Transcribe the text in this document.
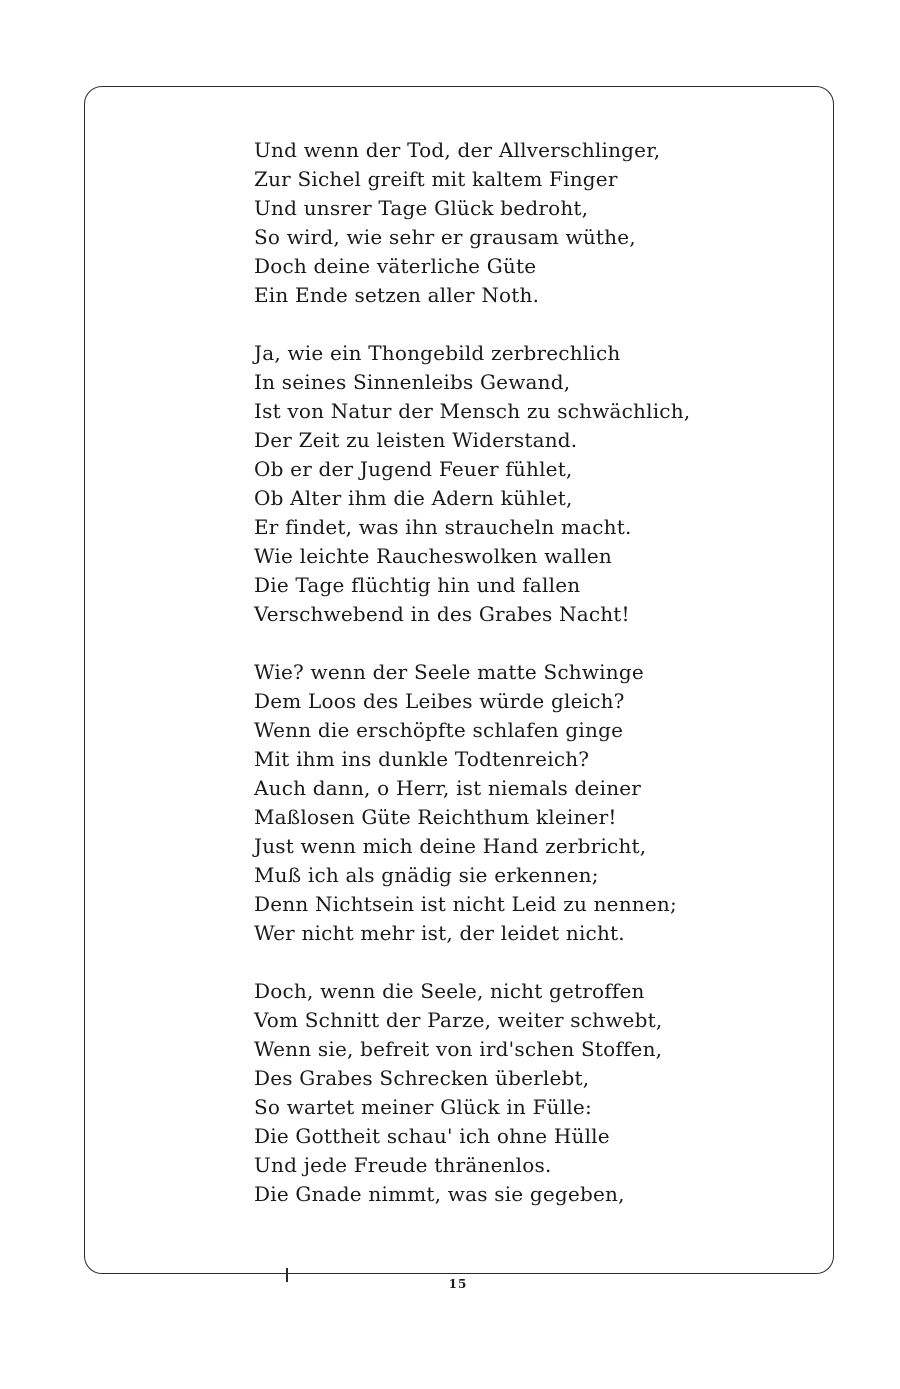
Und wenn der Tod, der Allverschlinger,
Zur Sichel greift mit kaltem Finger
Und unsrer Tage Glück bedroht,
So wird, wie sehr er grausam wüthe,
Doch deine väterliche Güte
Ein Ende setzen aller Noth.
Ja, wie ein Thongebild zerbrechlich
In seines Sinnenleibs Gewand,
Ist von Natur der Mensch zu schwächlich,
Der Zeit zu leisten Widerstand.
Ob er der Jugend Feuer fühlet,
Ob Alter ihm die Adern kühlet,
Er findet, was ihn straucheln macht.
Wie leichte Raucheswolken wallen
Die Tage flüchtig hin und fallen
Verschwebend in des Grabes Nacht!
Wie? wenn der Seele matte Schwinge
Dem Loos des Leibes würde gleich?
Wenn die erschöpfte schlafen ginge
Mit ihm ins dunkle Todtenreich?
Auch dann, o Herr, ist niemals deiner
Maßlosen Güte Reichthum kleiner!
Just wenn mich deine Hand zerbricht,
Muß ich als gnädig sie erkennen;
Denn Nichtsein ist nicht Leid zu nennen;
Wer nicht mehr ist, der leidet nicht.
Doch, wenn die Seele, nicht getroffen
Vom Schnitt der Parze, weiter schwebt,
Wenn sie, befreit von ird'schen Stoffen,
Des Grabes Schrecken überlebt,
So wartet meiner Glück in Fülle:
Die Gottheit schau' ich ohne Hülle
Und jede Freude thränenlos.
Die Gnade nimmt, was sie gegeben,
15
